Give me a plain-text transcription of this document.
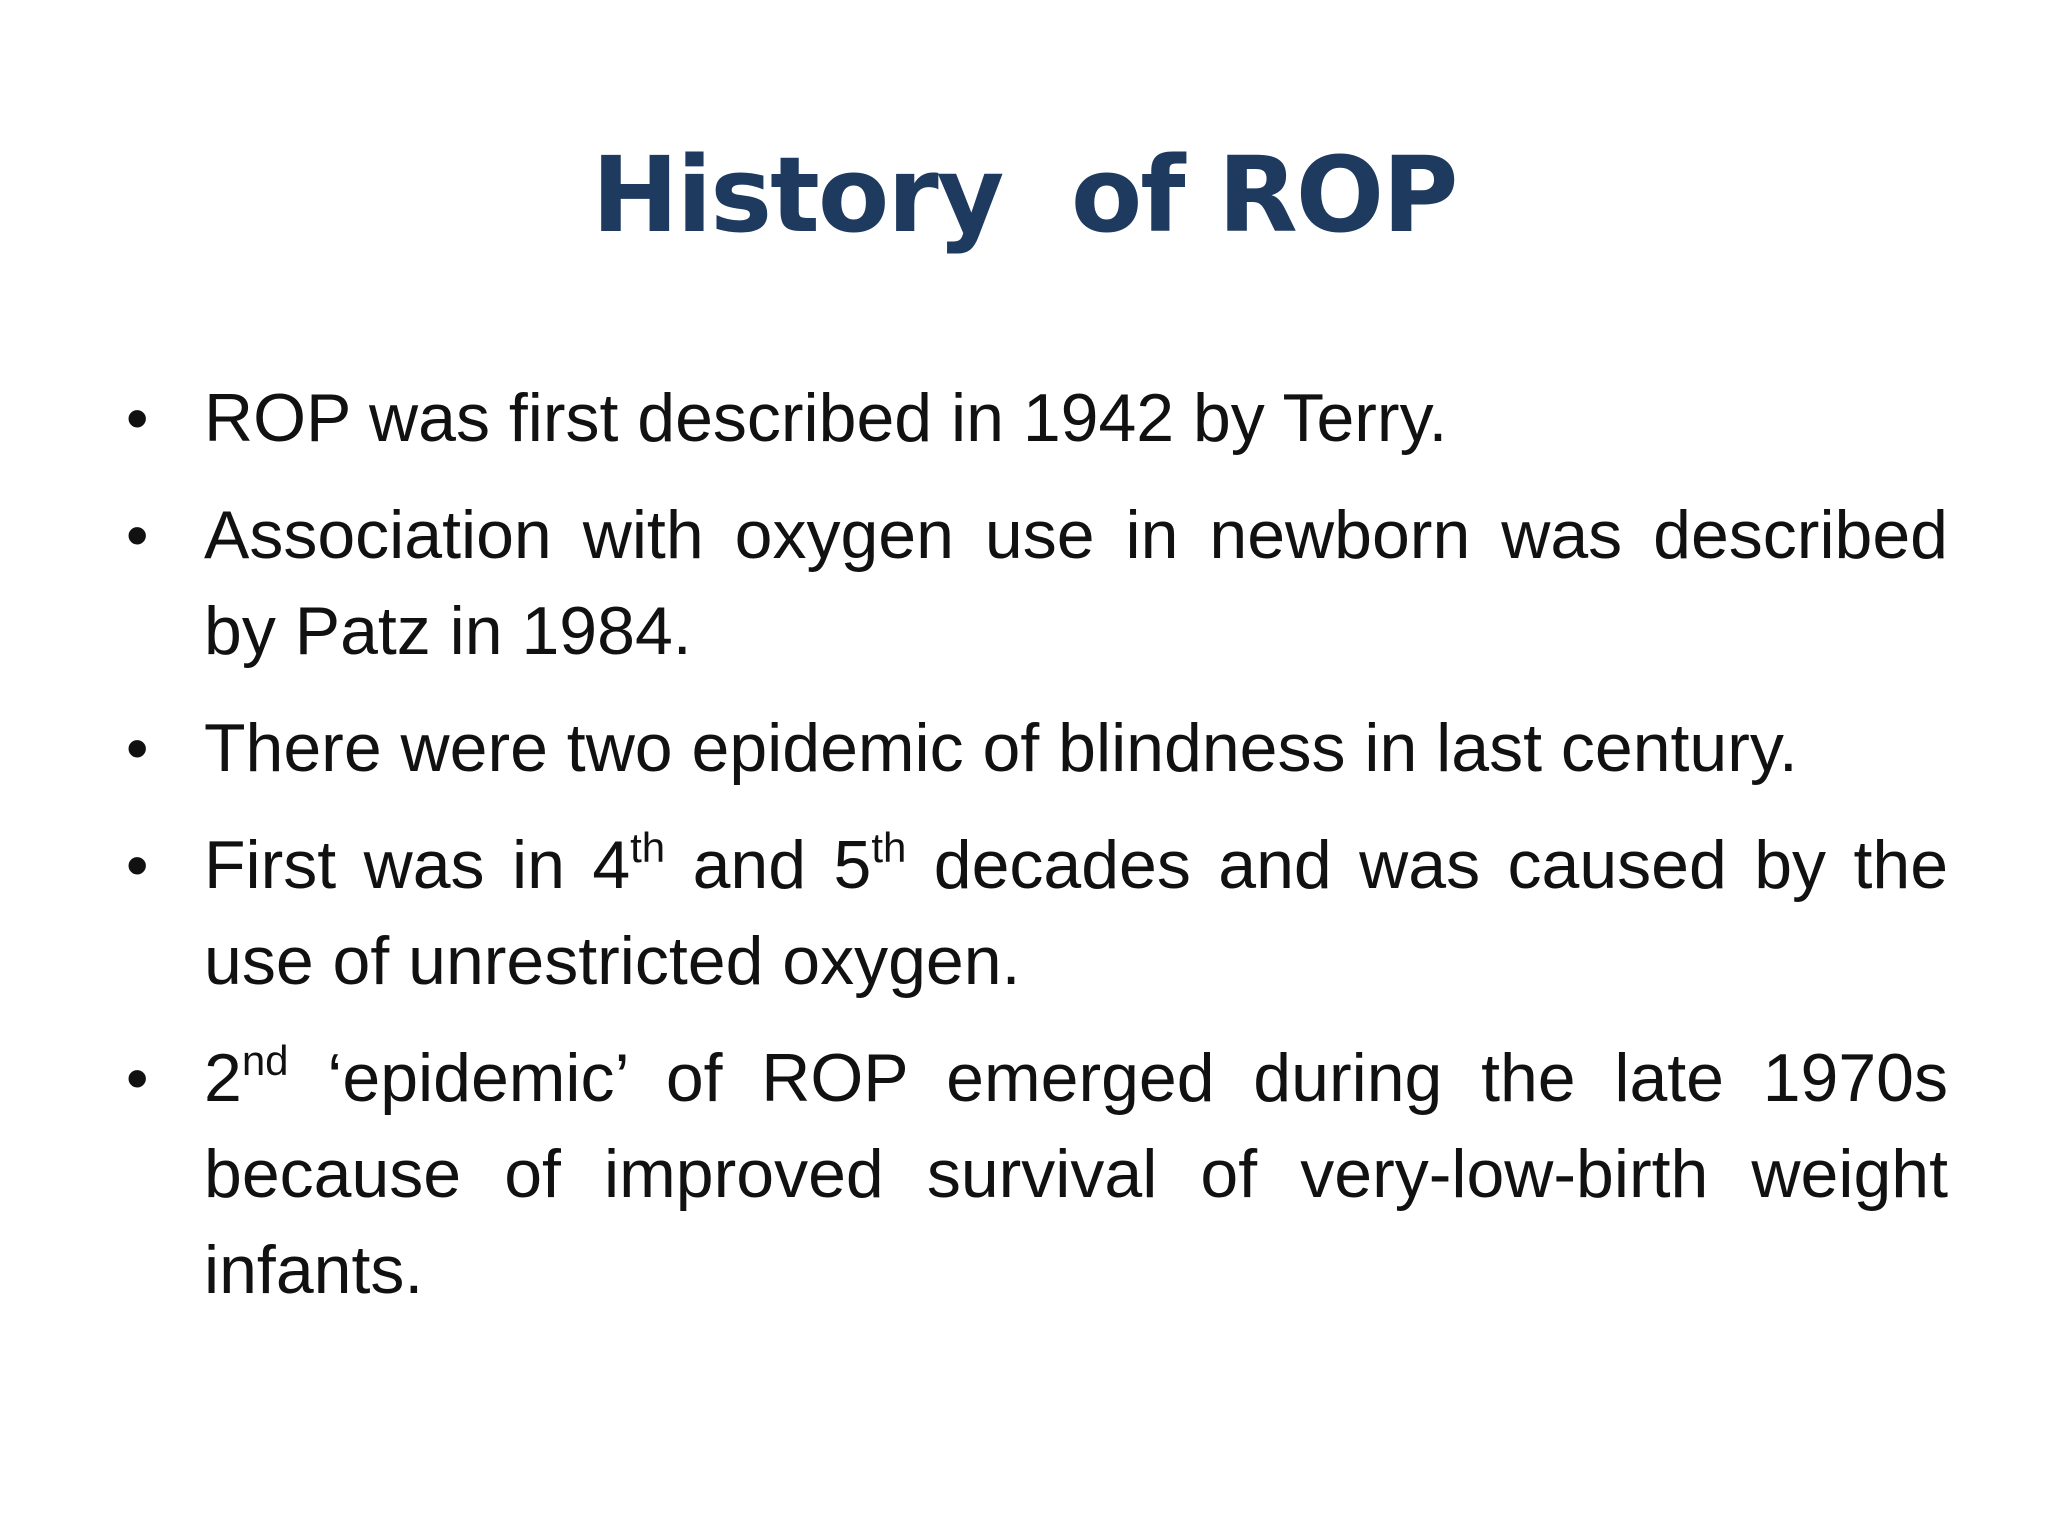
History  of ROP
• ROP was first described in 1942 by Terry.
• Association with oxygen use in newborn was described by Patz in 1984.
• There were two epidemic of blindness in last century.
• First was in 4th and 5th decades and was caused by the use of unrestricted oxygen.
• 2nd ‘epidemic’ of ROP emerged during the late 1970s because of improved survival of very-low-birth weight infants.
